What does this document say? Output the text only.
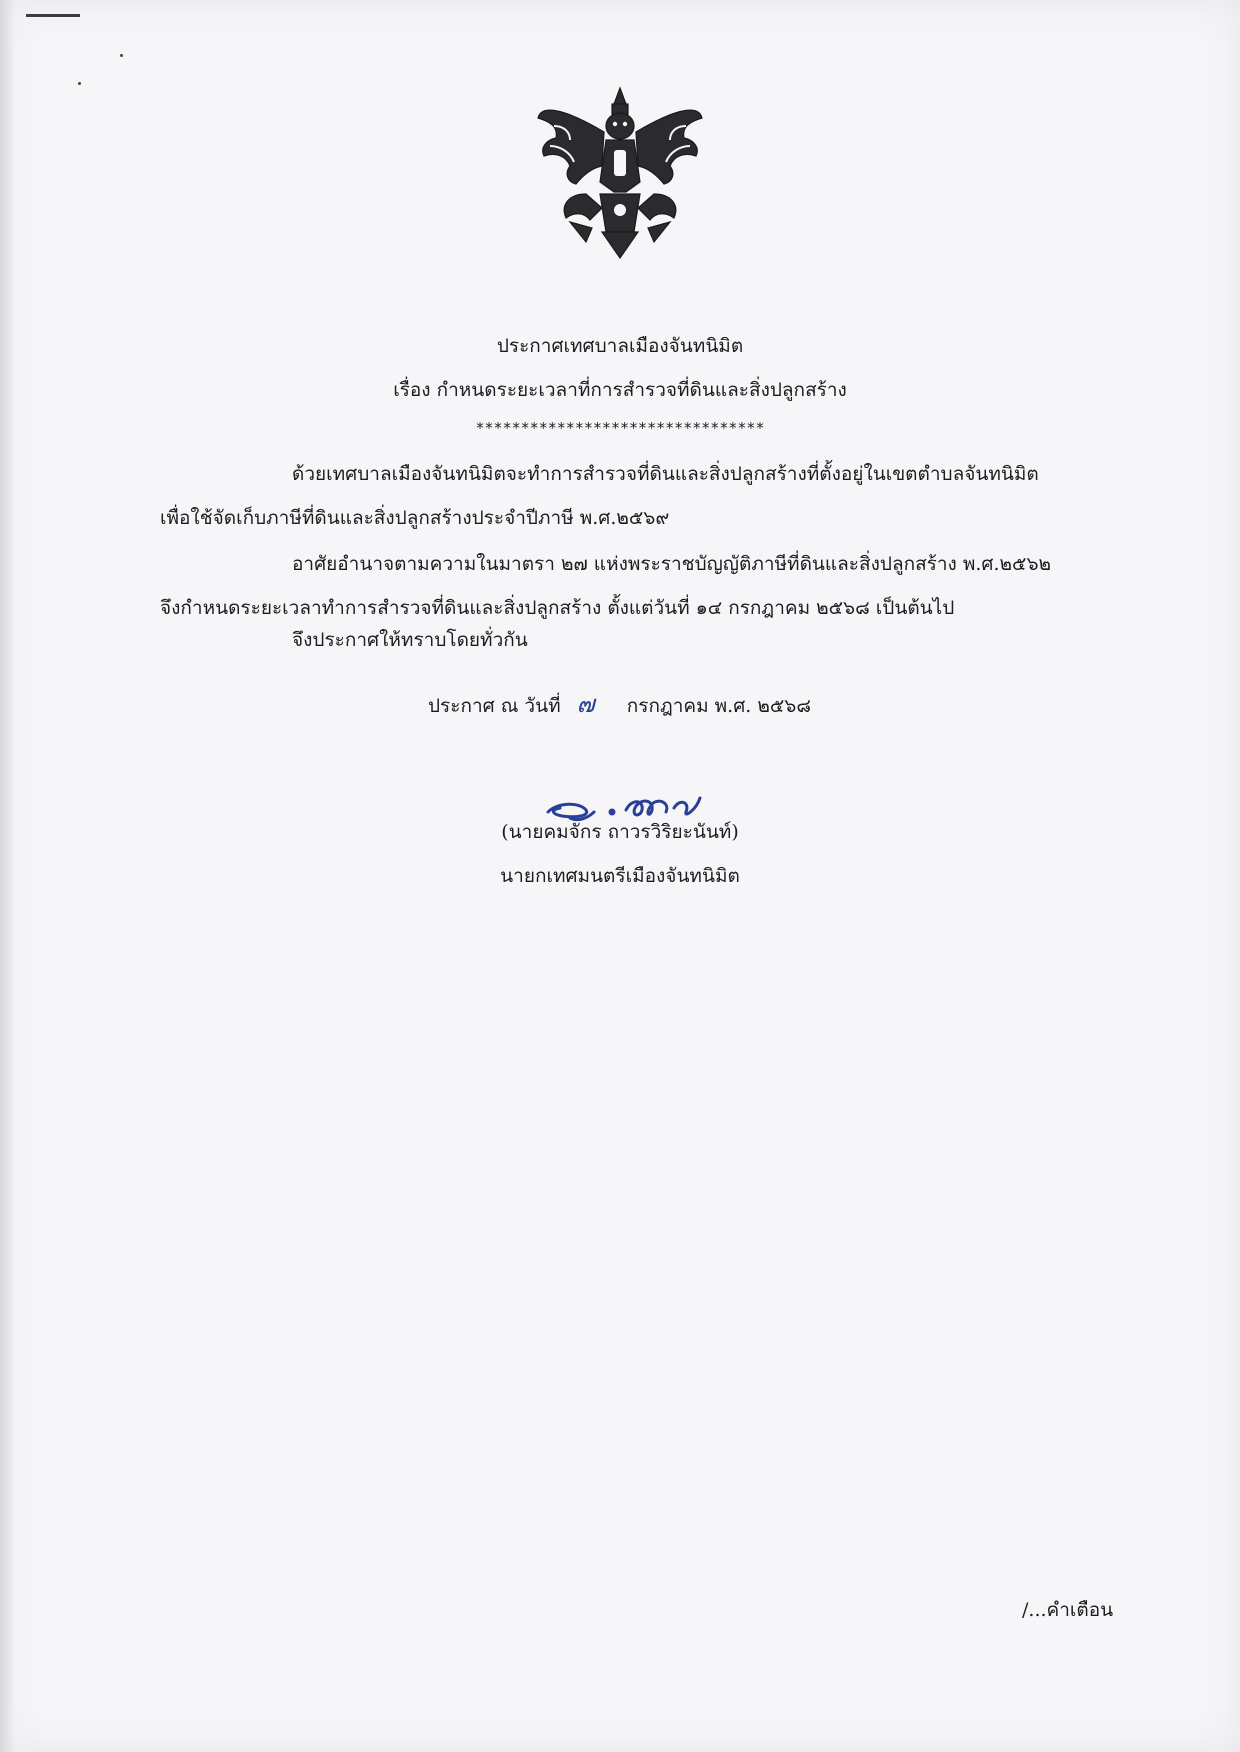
ประกาศเทศบาลเมืองจันทนิมิต
เรื่อง กำหนดระยะเวลาที่การสำรวจที่ดินและสิ่งปลูกสร้าง
********************************
ด้วยเทศบาลเมืองจันทนิมิตจะทำการสำรวจที่ดินและสิ่งปลูกสร้างที่ตั้งอยู่ในเขตตำบลจันทนิมิต
เพื่อใช้จัดเก็บภาษีที่ดินและสิ่งปลูกสร้างประจำปีภาษี พ.ศ.๒๕๖๙
อาศัยอำนาจตามความในมาตรา ๒๗ แห่งพระราชบัญญัติภาษีที่ดินและสิ่งปลูกสร้าง พ.ศ.๒๕๖๒
จึงกำหนดระยะเวลาทำการสำรวจที่ดินและสิ่งปลูกสร้าง ตั้งแต่วันที่ ๑๔ กรกฎาคม ๒๕๖๘ เป็นต้นไป
จึงประกาศให้ทราบโดยทั่วกัน
ประกาศ ณ วันที่ ๗ กรกฎาคม พ.ศ. ๒๕๖๘
(นายคมจักร ถาวรวิริยะนันท์)
นายกเทศมนตรีเมืองจันทนิมิต
/...คำเตือน
